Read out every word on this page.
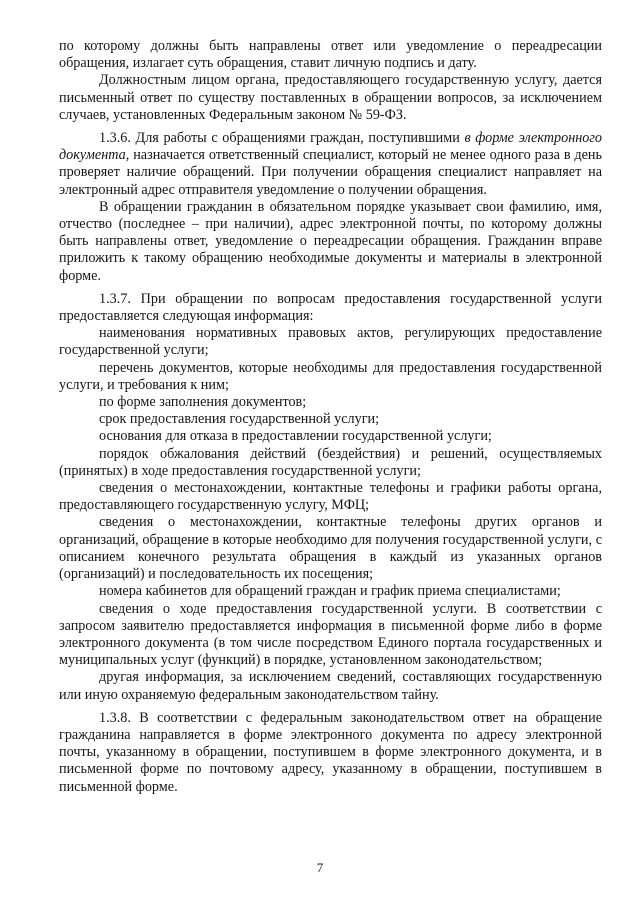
по которому должны быть направлены ответ или уведомление о переадресации обращения, излагает суть обращения, ставит личную подпись и дату.

Должностным лицом органа, предоставляющего государственную услугу, дается письменный ответ по существу поставленных в обращении вопросов, за исключением случаев, установленных Федеральным законом № 59-ФЗ.

1.3.6. Для работы с обращениями граждан, поступившими в форме электронного документа, назначается ответственный специалист, который не менее одного раза в день проверяет наличие обращений. При получении обращения специалист направляет на электронный адрес отправителя уведомление о получении обращения.

В обращении гражданин в обязательном порядке указывает свои фамилию, имя, отчество (последнее – при наличии), адрес электронной почты, по которому должны быть направлены ответ, уведомление о переадресации обращения. Гражданин вправе приложить к такому обращению необходимые документы и материалы в электронной форме.

1.3.7. При обращении по вопросам предоставления государственной услуги предоставляется следующая информация:

наименования нормативных правовых актов, регулирующих предоставление государственной услуги;

перечень документов, которые необходимы для предоставления государственной услуги, и требования к ним;

по форме заполнения документов;

срок предоставления государственной услуги;

основания для отказа в предоставлении государственной услуги;

порядок обжалования действий (бездействия) и решений, осуществляемых (принятых) в ходе предоставления государственной услуги;

сведения о местонахождении, контактные телефоны и графики работы органа, предоставляющего государственную услугу, МФЦ;

сведения о местонахождении, контактные телефоны других органов и организаций, обращение в которые необходимо для получения государственной услуги, с описанием конечного результата обращения в каждый из указанных органов (организаций) и последовательность их посещения;

номера кабинетов для обращений граждан и график приема специалистами;

сведения о ходе предоставления государственной услуги. В соответствии с запросом заявителю предоставляется информация в письменной форме либо в форме электронного документа (в том числе посредством Единого портала государственных и муниципальных услуг (функций) в порядке, установленном законодательством;

другая информация, за исключением сведений, составляющих государственную или иную охраняемую федеральным законодательством тайну.

1.3.8. В соответствии с федеральным законодательством ответ на обращение гражданина направляется в форме электронного документа по адресу электронной почты, указанному в обращении, поступившем в форме электронного документа, и в письменной форме по почтовому адресу, указанному в обращении, поступившем в письменной форме.

7
